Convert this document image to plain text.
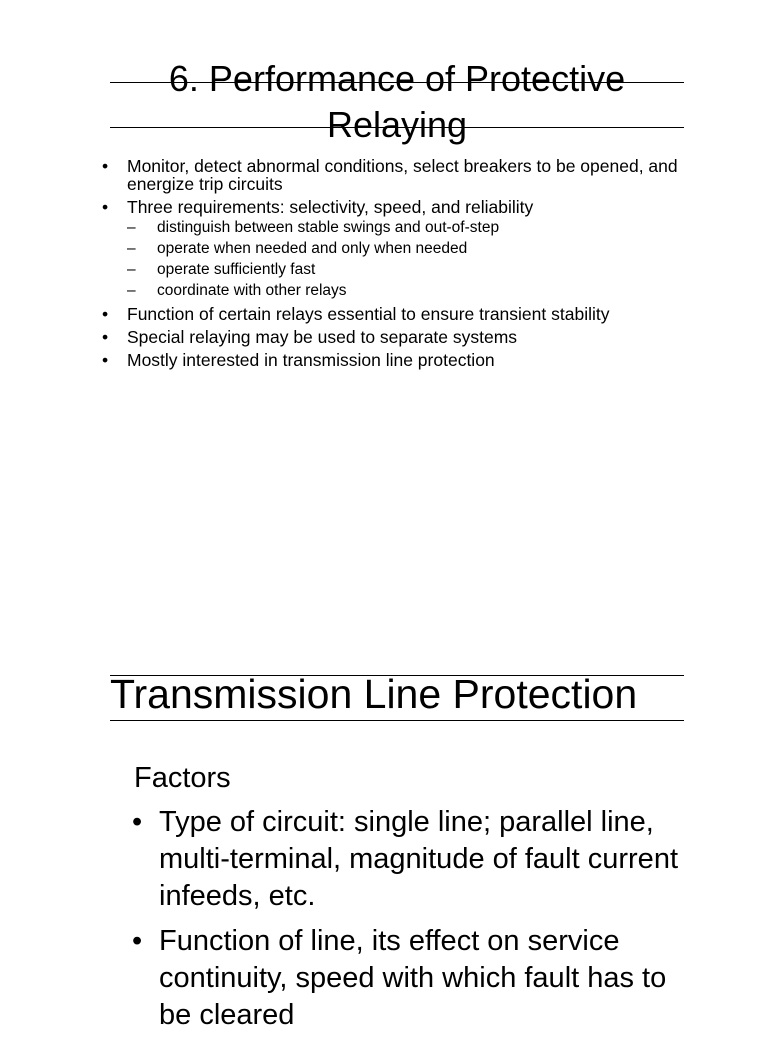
6. Performance of Protective
Relaying
• Monitor, detect abnormal conditions, select breakers to be opened, and energize trip circuits
• Three requirements: selectivity, speed, and reliability
– distinguish between stable swings and out-of-step
– operate when needed and only when needed
– operate sufficiently fast
– coordinate with other relays
• Function of certain relays essential to ensure transient stability
• Special relaying may be used to separate systems
• Mostly interested in transmission line protection
Transmission Line Protection
Factors
• Type of circuit: single line; parallel line, multi-terminal, magnitude of fault current infeeds, etc.
• Function of line, its effect on service continuity, speed with which fault has to be cleared
